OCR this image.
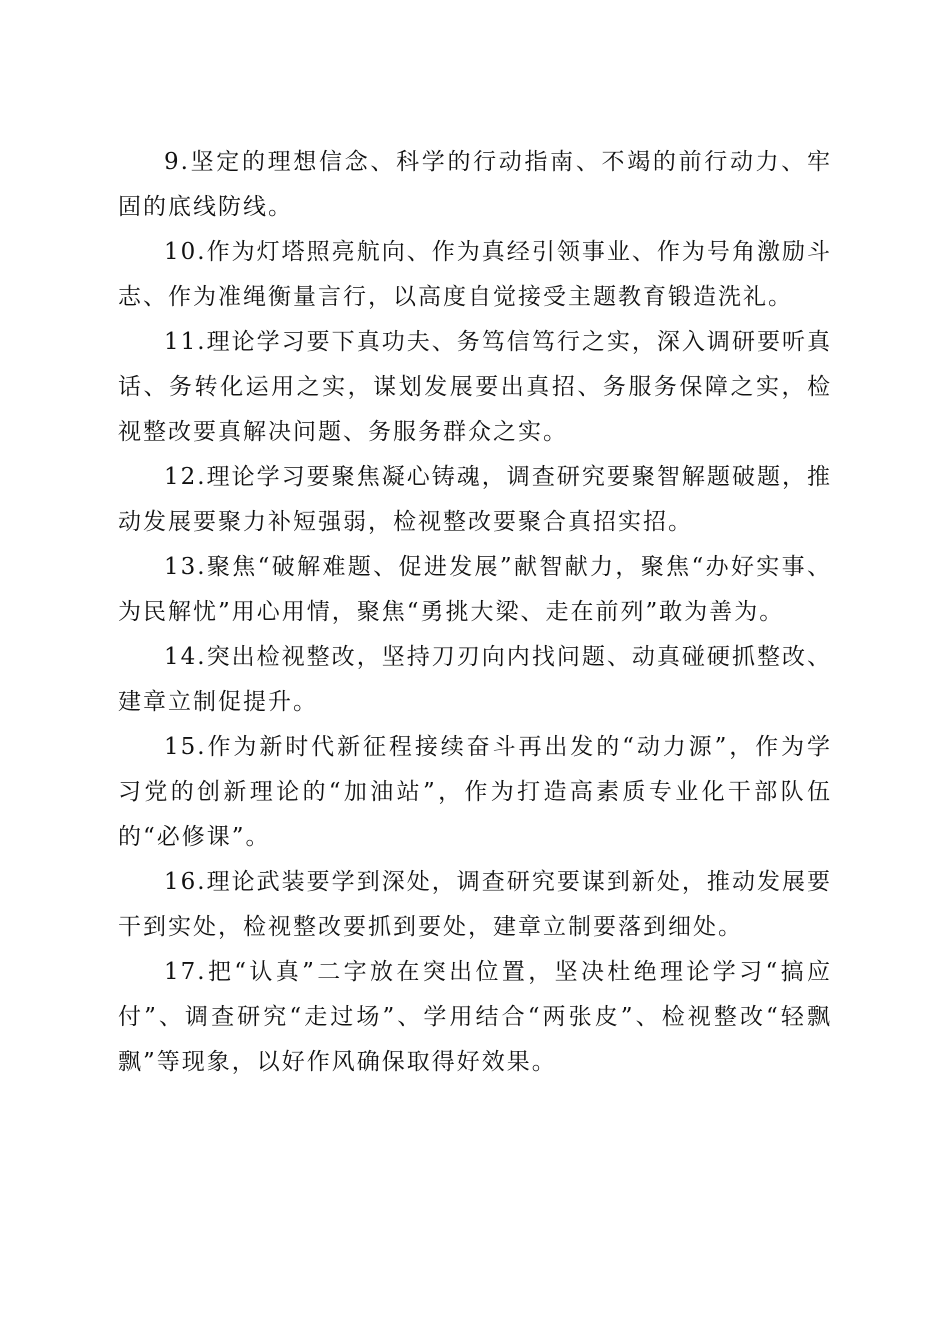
9.坚定的理想信念、科学的行动指南、不竭的前行动力、牢固的底线防线。

10.作为灯塔照亮航向、作为真经引领事业、作为号角激励斗志、作为准绳衡量言行，以高度自觉接受主题教育锻造洗礼。

11.理论学习要下真功夫、务笃信笃行之实，深入调研要听真话、务转化运用之实，谋划发展要出真招、务服务保障之实，检视整改要真解决问题、务服务群众之实。

12.理论学习要聚焦凝心铸魂，调查研究要聚智解题破题，推动发展要聚力补短强弱，检视整改要聚合真招实招。

13.聚焦“破解难题、促进发展”献智献力，聚焦“办好实事、为民解忧”用心用情，聚焦“勇挑大梁、走在前列”敢为善为。

14.突出检视整改，坚持刀刃向内找问题、动真碰硬抓整改、建章立制促提升。

15.作为新时代新征程接续奋斗再出发的“动力源”，作为学习党的创新理论的“加油站”，作为打造高素质专业化干部队伍的“必修课”。

16.理论武装要学到深处，调查研究要谋到新处，推动发展要干到实处，检视整改要抓到要处，建章立制要落到细处。

17.把“认真”二字放在突出位置，坚决杜绝理论学习“搞应付”、调查研究“走过场”、学用结合“两张皮”、检视整改“轻飘飘”等现象，以好作风确保取得好效果。
